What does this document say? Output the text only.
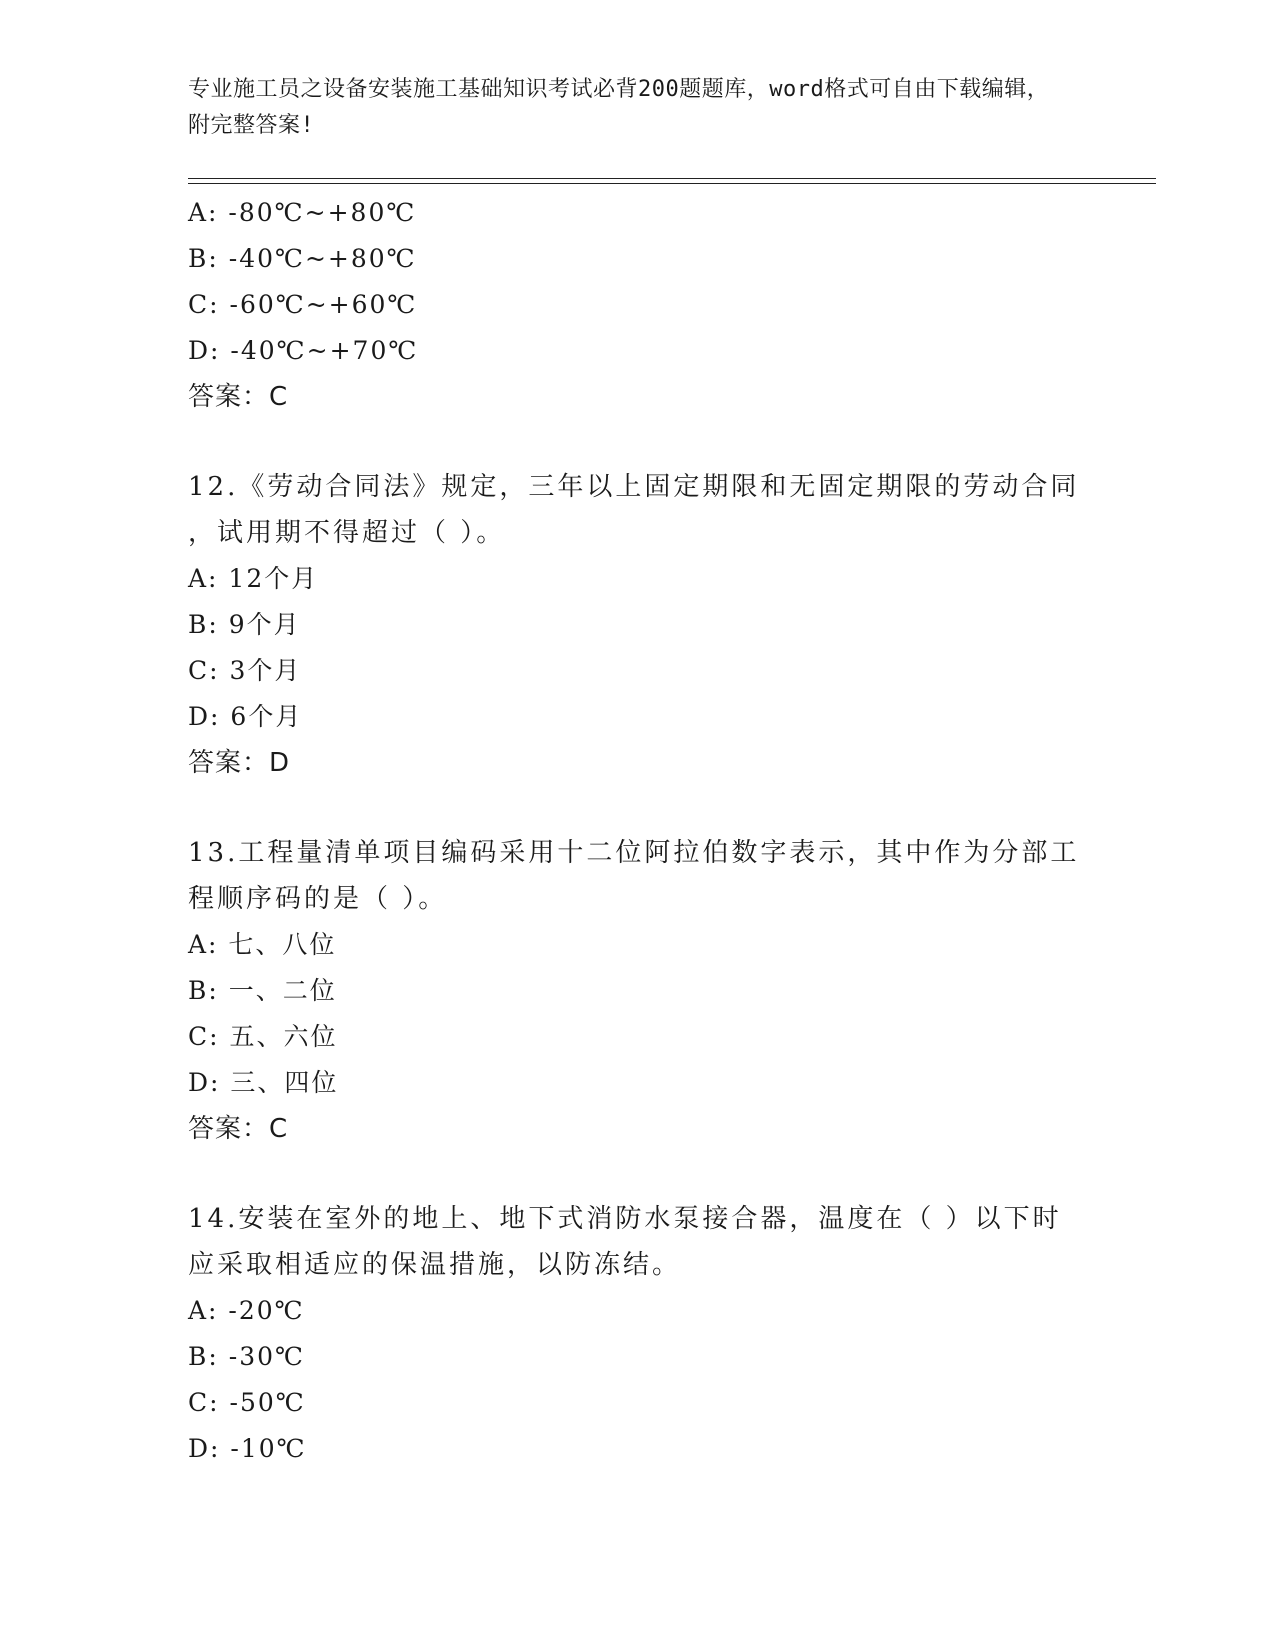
专业施工员之设备安装施工基础知识考试必背200题题库，word格式可自由下载编辑，附完整答案!
A: -80℃~+80℃
B: -40℃~+80℃
C: -60℃~+60℃
D: -40℃~+70℃
答案：C
12.《劳动合同法》规定，三年以上固定期限和无固定期限的劳动合同
，试用期不得超过（ ）。
A: 12个月
B: 9个月
C: 3个月
D: 6个月
答案：D
13.工程量清单项目编码采用十二位阿拉伯数字表示，其中作为分部工
程顺序码的是（ ）。
A: 七、八位
B: 一、二位
C: 五、六位
D: 三、四位
答案：C
14.安装在室外的地上、地下式消防水泵接合器，温度在（ ）以下时
应采取相适应的保温措施，以防冻结。
A: -20℃
B: -30℃
C: -50℃
D: -10℃
